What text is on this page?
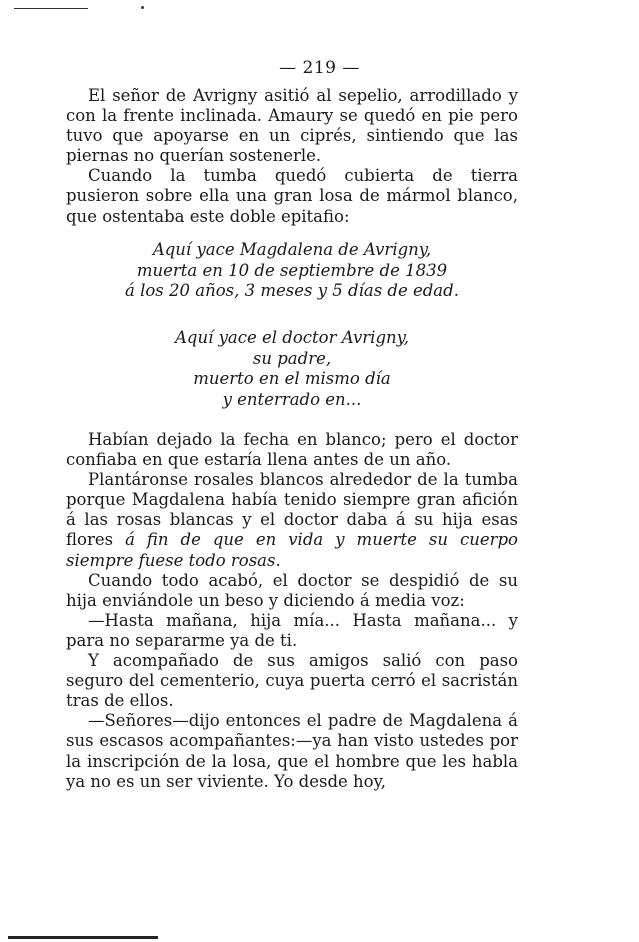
— 219 —

El señor de Avrigny asitió al sepelio, arrodillado y con la frente inclinada. Amaury se quedó en pie pero tuvo que apoyarse en un ciprés, sintiendo que las piernas no querían sostenerle.

Cuando la tumba quedó cubierta de tierra pusieron sobre ella una gran losa de mármol blanco, que ostentaba este doble epitafio:

Aquí yace Magdalena de Avrigny,
muerta en 10 de septiembre de 1839
á los 20 años, 3 meses y 5 días de edad.
Aquí yace el doctor Avrigny,
su padre,
muerto en el mismo día
y enterrado en...

Habían dejado la fecha en blanco; pero el doctor confiaba en que estaría llena antes de un año.

Plantáronse rosales blancos alrededor de la tumba porque Magdalena había tenido siempre gran afición á las rosas blancas y el doctor daba á su hija esas flores á fin de que en vida y muerte su cuerpo siempre fuese todo rosas.

Cuando todo acabó, el doctor se despidió de su hija enviándole un beso y diciendo á media voz:

—Hasta mañana, hija mía... Hasta mañana... y para no separarme ya de ti.

Y acompañado de sus amigos salió con paso seguro del cementerio, cuya puerta cerró el sacristán tras de ellos.

—Señores—dijo entonces el padre de Magdalena á sus escasos acompañantes:—ya han visto ustedes por la inscripción de la losa, que el hombre que les habla ya no es un ser viviente. Yo desde hoy,
